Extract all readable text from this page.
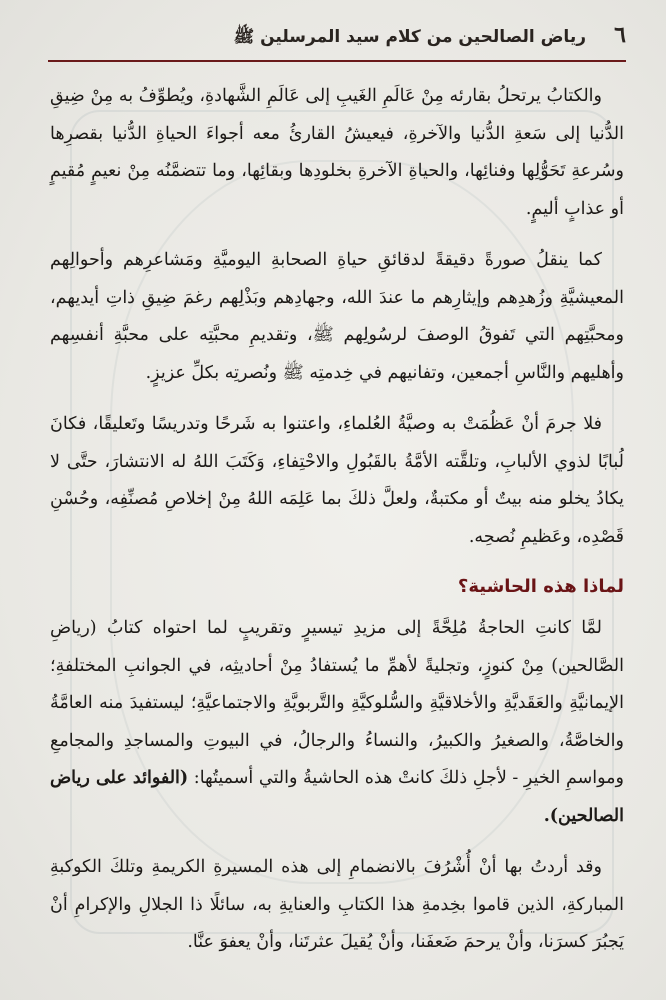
رياض الصالحين من كلام سيد المرسلين ﷺ ٦

والكتابُ يرتحلُ بقارئه مِنْ عَالَمِ الغَيبِ إلى عَالَمِ الشَّهادةِ، ويُطوِّفُ به مِنْ ضِيقِ الدُّنيا إلى سَعةِ الدُّنيا والآخرةِ، فيعيشُ القارئُ معه أجواءَ الحياةِ الدُّنيا بقصرِها وسُرعةِ تَحَوُّلِها وفنائِها، والحياةِ الآخرةِ بخلودِها وبقائِها، وما تتضمَّنُه مِنْ نعيمٍ مُقيمٍ أو عذابٍ أليمٍ.

كما ينقلُ صورةً دقيقةً لدقائقِ حياةِ الصحابةِ اليوميَّةِ ومَشاعرِهم وأحوالِهم المعيشيَّةِ وزُهدِهم وإيثارِهم ما عندَ الله، وجهادِهم وبَذْلِهم رغمَ ضِيقِ ذاتِ أيديهم، ومحبَّتِهم التي تَفوقُ الوصفَ لرسُولِهم ﷺ، وتقديمِ محبَّتِه على محبَّةِ أنفسِهم وأهليهم والنَّاسِ أجمعين، وتفانيهم في خِدمتِه ﷺ ونُصرتِه بكلِّ عزيزٍ.

فلا جرمَ أنْ عَظُمَتْ به وصيَّةُ العُلماءِ، واعتنوا به شَرحًا وتدريسًا وتَعليقًا، فكانَ لُبابًا لذوي الألبابِ، وتلقَّته الأمَّةُ بالقَبُولِ والاحْتِفاءِ، وَكَتَبَ اللهُ له الانتشارَ، حتَّى لا يكادُ يخلو منه بيتٌ أو مكتبةٌ، ولعلَّ ذلكَ بما عَلِمَه اللهُ مِنْ إخلاصِ مُصنِّفِه، وحُسْنِ قَصْدِه، وعَظيمِ نُصحِه.

لماذا هذه الحاشية؟

لمَّا كانتِ الحاجةُ مُلِحَّةً إلى مزيدِ تيسيرٍ وتقريبٍ لما احتواه كتابُ (رياضِ الصَّالحين) مِنْ كنوزٍ، وتجليةً لأهمِّ ما يُستفادُ مِنْ أحاديثِه، في الجوانبِ المختلفةِ؛ الإيمانيَّةِ والعَقَديَّةِ والأخلاقيَّةِ والسُّلوكيَّةِ والتَّربويَّةِ والاجتماعيَّةِ؛ ليستفيدَ منه العامَّةُ والخاصَّةُ، والصغيرُ والكبيرُ، والنساءُ والرجالُ، في البيوتِ والمساجدِ والمجامعِ ومواسمِ الخيرِ - لأجلِ ذلكَ كانتْ هذه الحاشيةُ والتي أسميتُها: (الفوائد على رياض الصالحين).

وقد أردتُ بها أنْ أُشْرُفَ بالانضمامِ إلى هذه المسيرةِ الكريمةِ وتلكَ الكوكبةِ المباركةِ، الذين قاموا بخِدمةِ هذا الكتابِ والعنايةِ به، سائلًا ذا الجلالِ والإكرامِ أنْ يَجبُرَ كسرَنا، وأنْ يرحمَ ضَعفَنا، وأنْ يُقيلَ عثرتَنا، وأنْ يعفوَ عنَّا.
